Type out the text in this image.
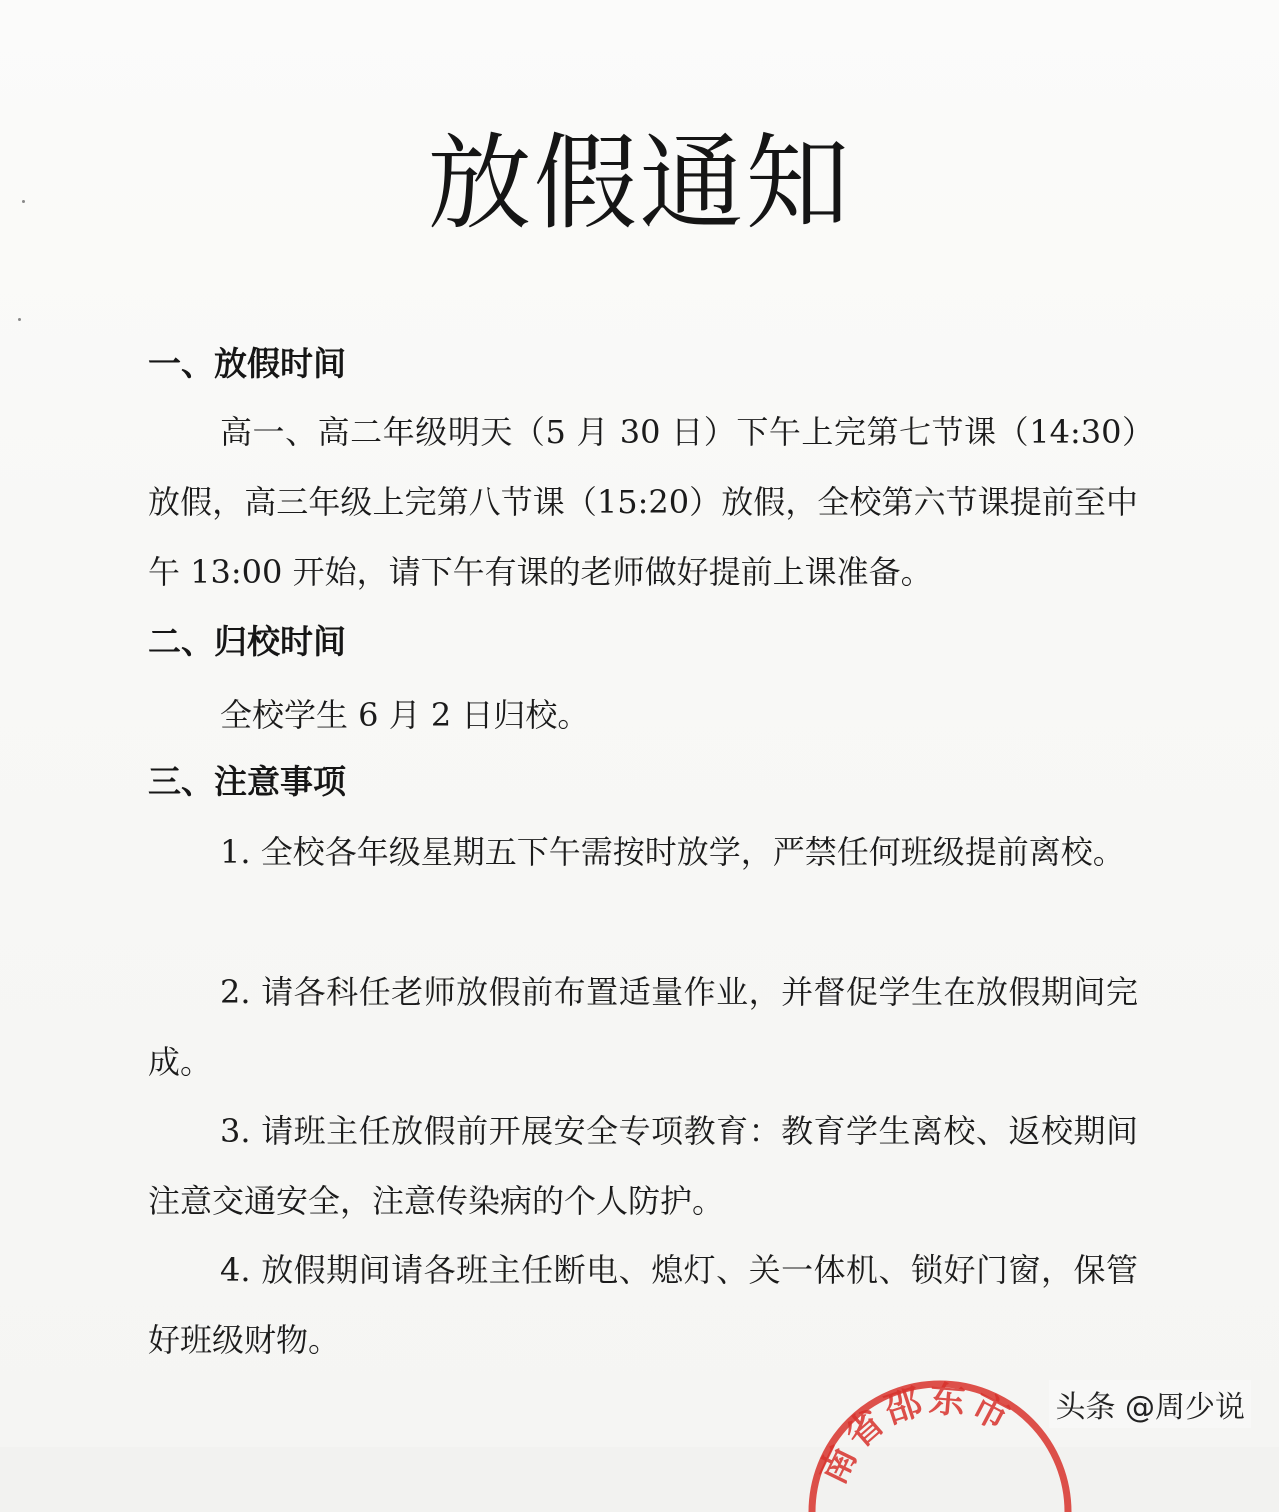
放假通知
一、放假时间
高一、高二年级明天（5 月 30 日）下午上完第七节课（14:30）放假，高三年级上完第八节课（15:20）放假，全校第六节课提前至中午 13:00 开始，请下午有课的老师做好提前上课准备。
二、归校时间
全校学生 6 月 2 日归校。
三、注意事项
1. 全校各年级星期五下午需按时放学，严禁任何班级提前离校。
2. 请各科任老师放假前布置适量作业，并督促学生在放假期间完成。
3. 请班主任放假前开展安全专项教育：教育学生离校、返校期间注意交通安全，注意传染病的个人防护。
4. 放假期间请各班主任断电、熄灯、关一体机、锁好门窗，保管好班级财物。
南省邵东市 头条 @周少说
